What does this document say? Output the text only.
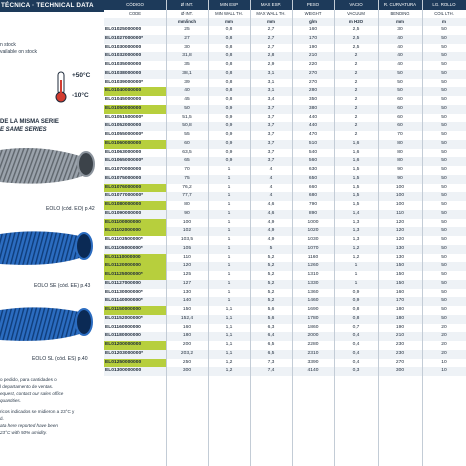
TÉCNICA · TECHNICAL DATA
n stock
vailable on stock
+50°C
-10°C
DE LA MISMA SERIE
E SAME SERIES
EOLO (cód. EO) p.42
EOLO SE (cód. EE) p.43
EOLO SL (cód. ES) p.40
o pedido, para cantidades o
l departamento de ventas.
equest, contact our sales office
quantities.
ricos indicados se midieron a 23°C y
d.
ata here reported have been
23°C with 50% umidity.
CÓDIGO	Ø INT.	MIN ESP	MAX ESP.	PESO	VACIO	R. CURVATURA	LG. ROLLO
CODE	Ø INT.	MIN WALL TH.	MAX WALL TH.	WEIGHT	VACUUM	BENDING	COIL LTH.
mm/inch	mm	mm	g/m	m H2O	mm	m
EL01025000000	25	0,8	2,7	160	2,5	30	50
EL01027000000*	27	0,8	2,7	170	2,5	40	50
EL01030000000	30	0,8	2,7	190	2,5	40	50
EL01032000000	31,8	0,8	2,8	210	2	40	50
EL01035000000	35	0,8	2,9	220	2	40	50
EL01038000000	38,1	0,8	3,1	270	2	50	50
EL01039000000*	39	0,8	3,1	270	2	50	50
EL01040000000	40	0,8	3,1	280	2	50	50
EL01045000000	45	0,8	3,4	350	2	60	50
EL01050000000	50	0,9	3,7	380	2	60	50
EL01051500000*	51,5	0,9	3,7	440	2	60	50
EL01052000000	50,8	0,9	3,7	440	2	60	50
EL01055000000*	55	0,9	3,7	470	2	70	50
EL01060000000	60	0,9	3,7	510	1,6	80	50
EL01063000000	63,5	0,9	3,7	540	1,6	80	50
EL01065000000*	65	0,9	3,7	560	1,6	80	50
EL01070000000	70	1	4	630	1,5	90	50
EL01075000000	75	1	4	650	1,5	90	50
EL01076000000	76,2	1	4	660	1,5	100	50
EL01077000000*	77,7	1	4	680	1,5	100	50
EL01080000000	80	1	4,6	790	1,5	100	50
EL01090000000	90	1	4,6	890	1,4	110	50
EL01100000000	100	1	4,9	1000	1,3	120	50
EL01102000000	102	1	4,9	1020	1,3	120	50
EL01103500000*	103,5	1	4,9	1030	1,3	120	50
EL01105000000*	105	1	5	1070	1,2	130	50
EL01110000000	110	1	5,2	1160	1,2	130	50
EL01120000000	120	1	5,2	1260	1	150	50
EL01125000000*	125	1	5,2	1310	1	150	50
EL01127000000	127	1	5,2	1330	1	150	50
EL01130000000*	130	1	5,2	1360	0,9	160	50
EL01140000000*	140	1	5,2	1460	0,9	170	50
EL01150000000	150	1,1	5,6	1690	0,8	180	50
EL01152000000*	152,4	1,1	5,6	1780	0,8	180	50
EL01160000000	160	1,1	6,3	1860	0,7	190	20
EL01180000000	180	1,1	6,4	2000	0,4	210	20
EL01200000000	200	1,1	6,5	2280	0,4	230	20
EL01203000000*	203,2	1,1	6,5	2310	0,4	230	20
EL01250000000	250	1,2	7,3	3390	0,4	270	10
EL01300000000	300	1,2	7,4	4140	0,3	300	10
